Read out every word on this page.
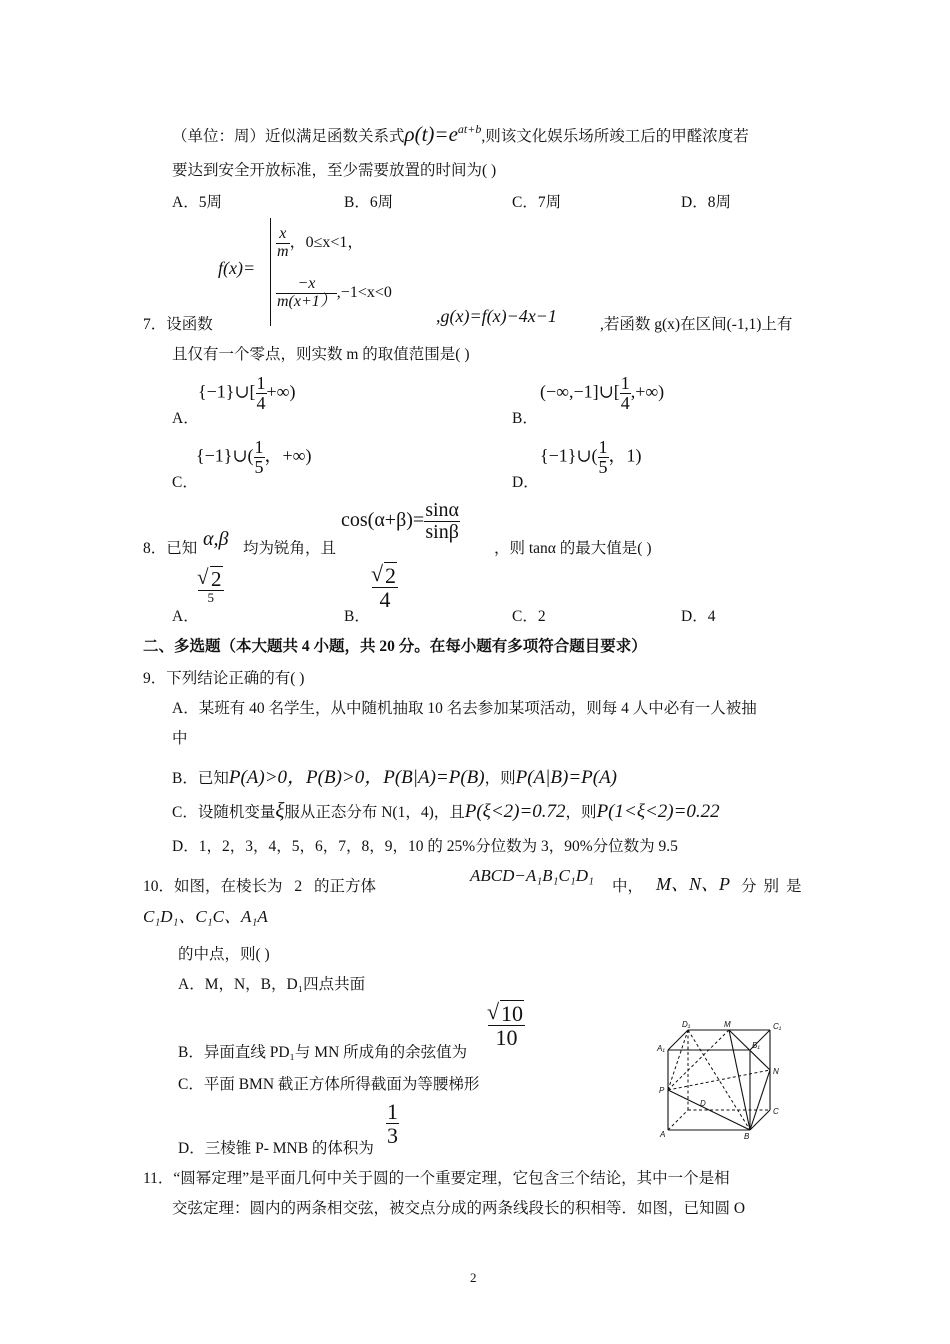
（单位：周）近似满足函数关系式$\rho(t)=e^{at+b}$,则该文化娱乐场所竣工后的甲醛浓度若
要达到安全开放标准，至少需要放置的时间为( )
A．5周	B．6周	C．7周	D．8周
f(x)=
$\frac{x}{m}$ ，0≤x<1，
$\frac{-x}{m(x+1)} ,-1<x<0$
7．设函数	,g(x)=f(x)−4x−1	,若函数 g(x)在区间(-1,1)上有
且仅有一个零点，则实数 m 的取值范围是( )
A．
{−1}∪[ $\frac{1}{4}$ +∞)
B．
(−∞,−1]∪[ $\frac{1}{4}$ ,+∞)
C．
{−1}∪( $\frac{1}{5}$ ，+∞)
D．
{−1}∪( $\frac{1}{5}$ ，1)
8．已知 α,β 均为锐角，且
$\cos(\alpha+\beta)= \frac{\sin\alpha}{\sin\beta}$
，则 tanα 的最大值是( )
A．
√ $\frac{2}{5}$
B．
√ $\frac{2}{4}$
C．2	D．4
二、多选题（本大题共 4 小题，共 20 分。在每小题有多项符合题目要求）
9．下列结论正确的有( )
A．某班有 40 名学生，从中随机抽取 10 名去参加某项活动，则每 4 人中必有一人被抽
中
B．已知P(A)>0，P(B)>0，P(B|A)=P(B)，则P(A|B)=P(A)
C．设随机变量ξ服从正态分布 N(1，4)，且P(ξ<2)=0.72，则P(1<ξ<2)=0.22
D．1，2，3，4，5，6，7，8，9，10 的 25%分位数为 3，90%分位数为 9.5
10．如图，在棱长为 2 的正方体
ABCD−A₁B₁C₁D₁
中， M、N、P 分别是
C₁D₁、C₁C、A₁A
的中点，则( )
A．M，N，B，D₁四点共面
B．异面直线 PD₁与 MN 所成角的余弦值为
√ $\frac{10}{10}$
C．平面 BMN 截正方体所得截面为等腰梯形
D．三棱锥 P- MNB 的体积为
$\frac{1}{3}$
D₁	M	C₁
A₁	B₁
P
N
D
C
A	B
11．“圆幂定理”是平面几何中关于圆的一个重要定理，它包含三个结论，其中一个是相
交弦定理：圆内的两条相交弦，被交点分成的两条线段长的积相等．如图，已知圆 O
2
